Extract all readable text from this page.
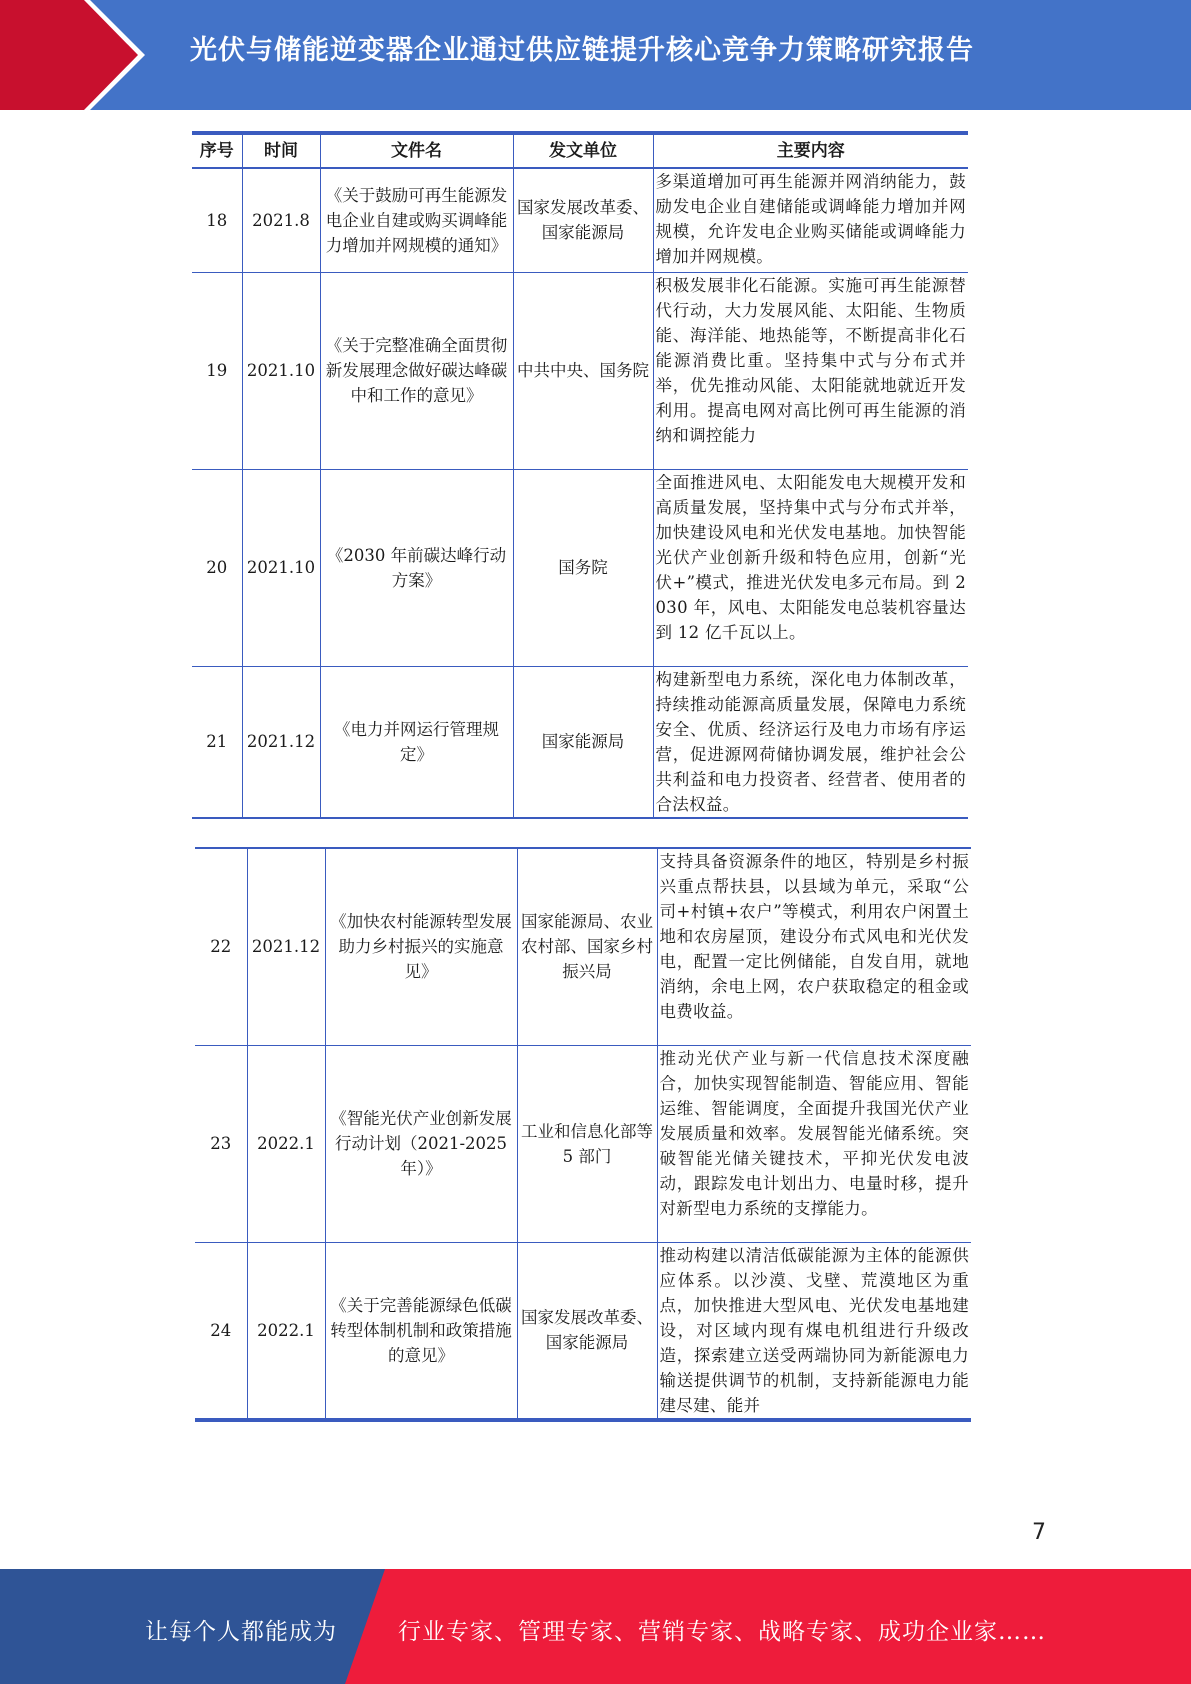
光伏与储能逆变器企业通过供应链提升核心竞争力策略研究报告
序号	时间	文件名	发文单位	主要内容
18	2021.8	《关于鼓励可再生能源发电企业自建或购买调峰能力增加并网规模的通知》	国家发展改革委、国家能源局	多渠道增加可再生能源并网消纳能力，鼓励发电企业自建储能或调峰能力增加并网规模，允许发电企业购买储能或调峰能力增加并网规模。
19	2021.10	《关于完整准确全面贯彻新发展理念做好碳达峰碳中和工作的意见》	中共中央、国务院	积极发展非化石能源。实施可再生能源替代行动，大力发展风能、太阳能、生物质能、海洋能、地热能等，不断提高非化石能源消费比重。坚持集中式与分布式并举，优先推动风能、太阳能就地就近开发利用。提高电网对高比例可再生能源的消纳和调控能力
20	2021.10	《2030 年前碳达峰行动方案》	国务院	全面推进风电、太阳能发电大规模开发和高质量发展，坚持集中式与分布式并举，加快建设风电和光伏发电基地。加快智能光伏产业创新升级和特色应用，创新“光伏+”模式，推进光伏发电多元布局。到 2030 年，风电、太阳能发电总装机容量达到 12 亿千瓦以上。
21	2021.12	《电力并网运行管理规定》	国家能源局	构建新型电力系统，深化电力体制改革，持续推动能源高质量发展，保障电力系统安全、优质、经济运行及电力市场有序运营，促进源网荷储协调发展，维护社会公共利益和电力投资者、经营者、使用者的合法权益。
22	2021.12	《加快农村能源转型发展助力乡村振兴的实施意见》	国家能源局、农业农村部、国家乡村振兴局	支持具备资源条件的地区，特别是乡村振兴重点帮扶县，以县域为单元，采取“公司+村镇+农户”等模式，利用农户闲置土地和农房屋顶，建设分布式风电和光伏发电，配置一定比例储能，自发自用，就地消纳，余电上网，农户获取稳定的租金或电费收益。
23	2022.1	《智能光伏产业创新发展行动计划（2021-2025年）》	工业和信息化部等 5 部门	推动光伏产业与新一代信息技术深度融合，加快实现智能制造、智能应用、智能运维、智能调度，全面提升我国光伏产业发展质量和效率。发展智能光储系统。突破智能光储关键技术，平抑光伏发电波动，跟踪发电计划出力、电量时移，提升对新型电力系统的支撑能力。
24	2022.1	《关于完善能源绿色低碳转型体制机制和政策措施的意见》	国家发展改革委、国家能源局	推动构建以清洁低碳能源为主体的能源供应体系。以沙漠、戈壁、荒漠地区为重点，加快推进大型风电、光伏发电基地建设，对区域内现有煤电机组进行升级改造，探索建立送受两端协同为新能源电力输送提供调节的机制，支持新能源电力能建尽建、能并
7
让每个人都能成为	行业专家、管理专家、营销专家、战略专家、成功企业家……
